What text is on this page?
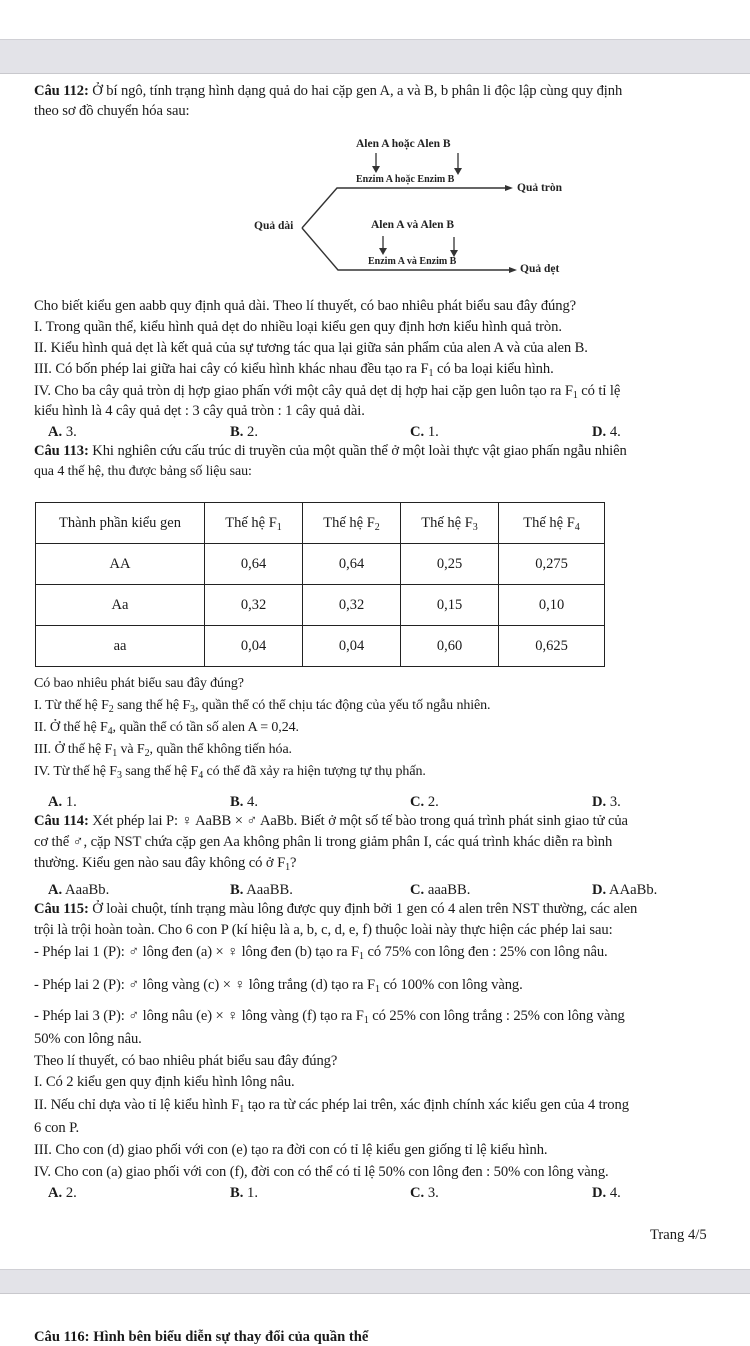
Câu 112: Ở bí ngô, tính trạng hình dạng quả do hai cặp gen A, a và B, b phân li độc lập cùng quy định
theo sơ đồ chuyển hóa sau:
Alen A hoặc Alen B
Enzim A hoặc Enzim B
Quả tròn
Quả dài	Alen A và Alen B
Enzim A và Enzim B
Quả dẹt
Cho biết kiểu gen aabb quy định quả dài. Theo lí thuyết, có bao nhiêu phát biểu sau đây đúng?
I. Trong quần thể, kiểu hình quả dẹt do nhiều loại kiểu gen quy định hơn kiểu hình quả tròn.
II. Kiểu hình quả dẹt là kết quả của sự tương tác qua lại giữa sản phẩm của alen A và của alen B.
III. Có bốn phép lai giữa hai cây có kiểu hình khác nhau đều tạo ra $F_1$ có ba loại kiểu hình.
IV. Cho ba cây quả tròn dị hợp giao phấn với một cây quả dẹt dị hợp hai cặp gen luôn tạo ra $F_1$ có tỉ lệ
kiểu hình là 4 cây quả dẹt : 3 cây quả tròn : 1 cây quả dài.
A. 3.	B. 2.	C. 1.	D. 4.
Câu 113: Khi nghiên cứu cấu trúc di truyền của một quần thể ở một loài thực vật giao phấn ngẫu nhiên
qua 4 thế hệ, thu được bảng số liệu sau:
Thành phần kiểu gen	Thế hệ $F_1$	Thế hệ $F_2$	Thế hệ $F_3$	Thế hệ $F_4$
AA	0,64	0,64	0,25	0,275
Aa	0,32	0,32	0,15	0,10
aa	0,04	0,04	0,60	0,625
Có bao nhiêu phát biểu sau đây đúng?
I. Từ thế hệ $F_2$ sang thế hệ $F_3$, quần thể có thể chịu tác động của yếu tố ngẫu nhiên.
II. Ở thế hệ $F_4$, quần thể có tần số alen A = 0,24.
III. Ở thế hệ $F_1$ và $F_2$, quần thể không tiến hóa.
IV. Từ thế hệ $F_3$ sang thế hệ $F_4$ có thể đã xảy ra hiện tượng tự thụ phấn.
A. 1.	B. 4.	C. 2.	D. 3.
Câu 114: Xét phép lai P: ♀ AaBB × ♂ AaBb. Biết ở một số tế bào trong quá trình phát sinh giao tử của
cơ thể ♂, cặp NST chứa cặp gen Aa không phân li trong giảm phân I, các quá trình khác diễn ra bình
thường. Kiểu gen nào sau đây không có ở $F_1$?
A. AaaBb.	B. AaaBB.	C. aaaBB.	D. AAaBb.
Câu 115: Ở loài chuột, tính trạng màu lông được quy định bởi 1 gen có 4 alen trên NST thường, các alen
trội là trội hoàn toàn. Cho 6 con P (kí hiệu là a, b, c, d, e, f) thuộc loài này thực hiện các phép lai sau:
- Phép lai 1 (P): ♂ lông đen (a) × ♀ lông đen (b) tạo ra $F_1$ có 75% con lông đen : 25% con lông nâu.
- Phép lai 2 (P): ♂ lông vàng (c) × ♀ lông trắng (d) tạo ra $F_1$ có 100% con lông vàng.
- Phép lai 3 (P): ♂ lông nâu (e) × ♀ lông vàng (f) tạo ra $F_1$ có 25% con lông trắng : 25% con lông vàng
50% con lông nâu.
Theo lí thuyết, có bao nhiêu phát biểu sau đây đúng?
I. Có 2 kiểu gen quy định kiểu hình lông nâu.
II. Nếu chỉ dựa vào tỉ lệ kiểu hình $F_1$ tạo ra từ các phép lai trên, xác định chính xác kiểu gen của 4 trong
6 con P.
III. Cho con (d) giao phối với con (e) tạo ra đời con có tỉ lệ kiểu gen giống tỉ lệ kiểu hình.
IV. Cho con (a) giao phối với con (f), đời con có thể có tỉ lệ 50% con lông đen : 50% con lông vàng.
A. 2.	B. 1.	C. 3.	D. 4.
Trang 4/5
Câu 116: Hình bên biểu diễn sự thay đổi của quần thể
